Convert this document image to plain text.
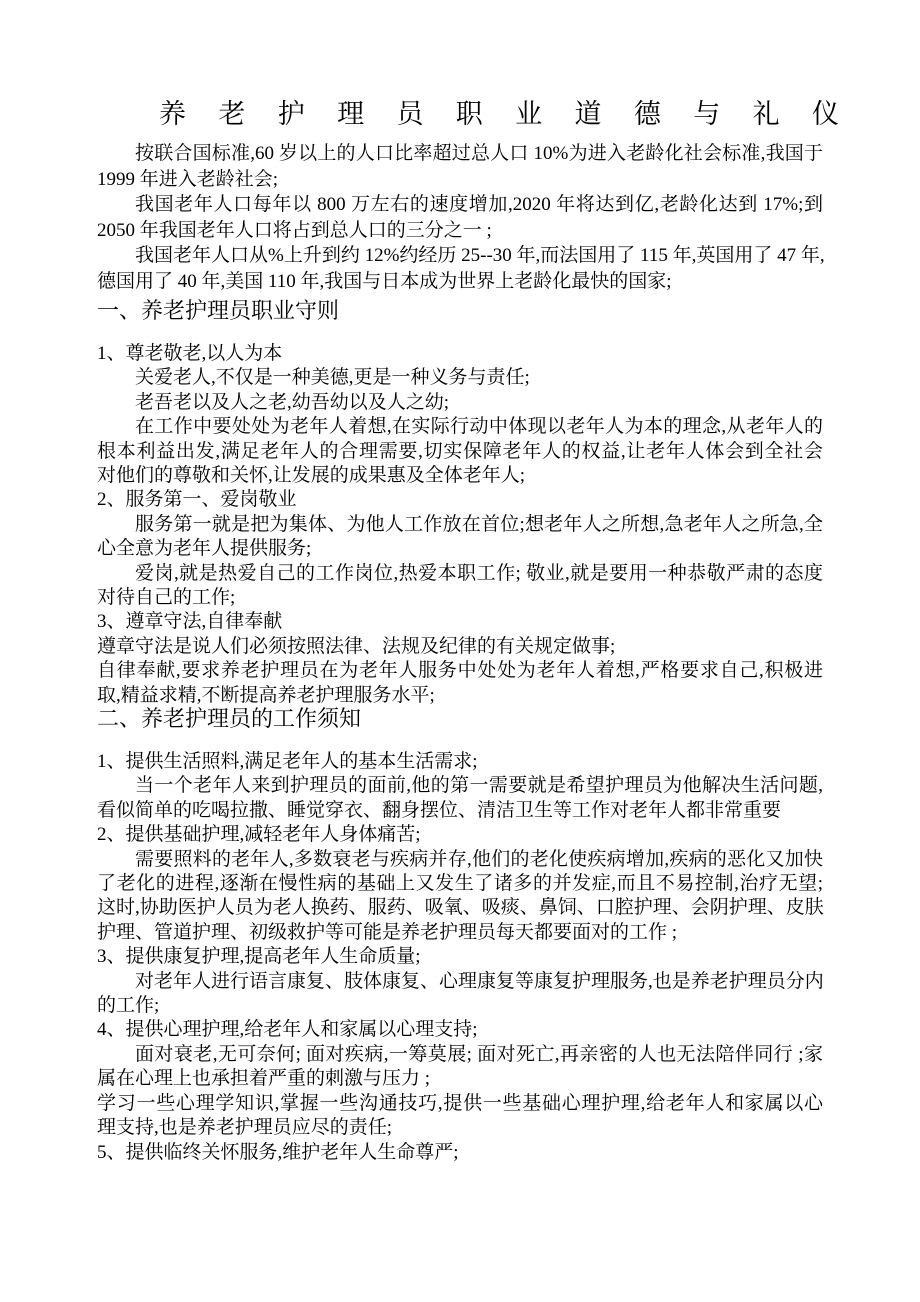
养 老 护 理 员 职 业 道 德 与 礼 仪
按联合国标准,60 岁以上的人口比率超过总人口 10%为进入老龄化社会标准,我国于
1999 年进入老龄社会;
我国老年人口每年以 800 万左右的速度增加,2020 年将达到亿,老龄化达到 17%;到
2050 年我国老年人口将占到总人口的三分之一 ;
我国老年人口从%上升到约 12%约经历 25--30 年,而法国用了 115 年,英国用了 47 年,
德国用了 40 年,美国 110 年,我国与日本成为世界上老龄化最快的国家;
一、养老护理员职业守则
1、尊老敬老,以人为本
关爱老人,不仅是一种美德,更是一种义务与责任;
老吾老以及人之老,幼吾幼以及人之幼;
在工作中要处处为老年人着想,在实际行动中体现以老年人为本的理念,从老年人的
根本利益出发,满足老年人的合理需要,切实保障老年人的权益,让老年人体会到全社会
对他们的尊敬和关怀,让发展的成果惠及全体老年人;
2、服务第一、爱岗敬业
服务第一就是把为集体、为他人工作放在首位;想老年人之所想,急老年人之所急,全
心全意为老年人提供服务;
爱岗,就是热爱自己的工作岗位,热爱本职工作; 敬业,就是要用一种恭敬严肃的态度
对待自己的工作;
3、遵章守法,自律奉献
遵章守法是说人们必须按照法律、法规及纪律的有关规定做事;
自律奉献,要求养老护理员在为老年人服务中处处为老年人着想,严格要求自己,积极进
取,精益求精,不断提高养老护理服务水平;
二、养老护理员的工作须知
1、提供生活照料,满足老年人的基本生活需求;
当一个老年人来到护理员的面前,他的第一需要就是希望护理员为他解决生活问题,
看似简单的吃喝拉撒、睡觉穿衣、翻身摆位、清洁卫生等工作对老年人都非常重要
2、提供基础护理,减轻老年人身体痛苦;
需要照料的老年人,多数衰老与疾病并存,他们的老化使疾病增加,疾病的恶化又加快
了老化的进程,逐渐在慢性病的基础上又发生了诸多的并发症,而且不易控制,治疗无望;
这时,协助医护人员为老人换药、服药、吸氧、吸痰、鼻饲、口腔护理、会阴护理、皮肤
护理、管道护理、初级救护等可能是养老护理员每天都要面对的工作 ;
3、提供康复护理,提高老年人生命质量;
对老年人进行语言康复、肢体康复、心理康复等康复护理服务,也是养老护理员分内
的工作;
4、提供心理护理,给老年人和家属以心理支持;
面对衰老,无可奈何; 面对疾病,一筹莫展; 面对死亡,再亲密的人也无法陪伴同行 ;家
属在心理上也承担着严重的刺激与压力 ;
学习一些心理学知识,掌握一些沟通技巧,提供一些基础心理护理,给老年人和家属以心
理支持,也是养老护理员应尽的责任;
5、提供临终关怀服务,维护老年人生命尊严;
